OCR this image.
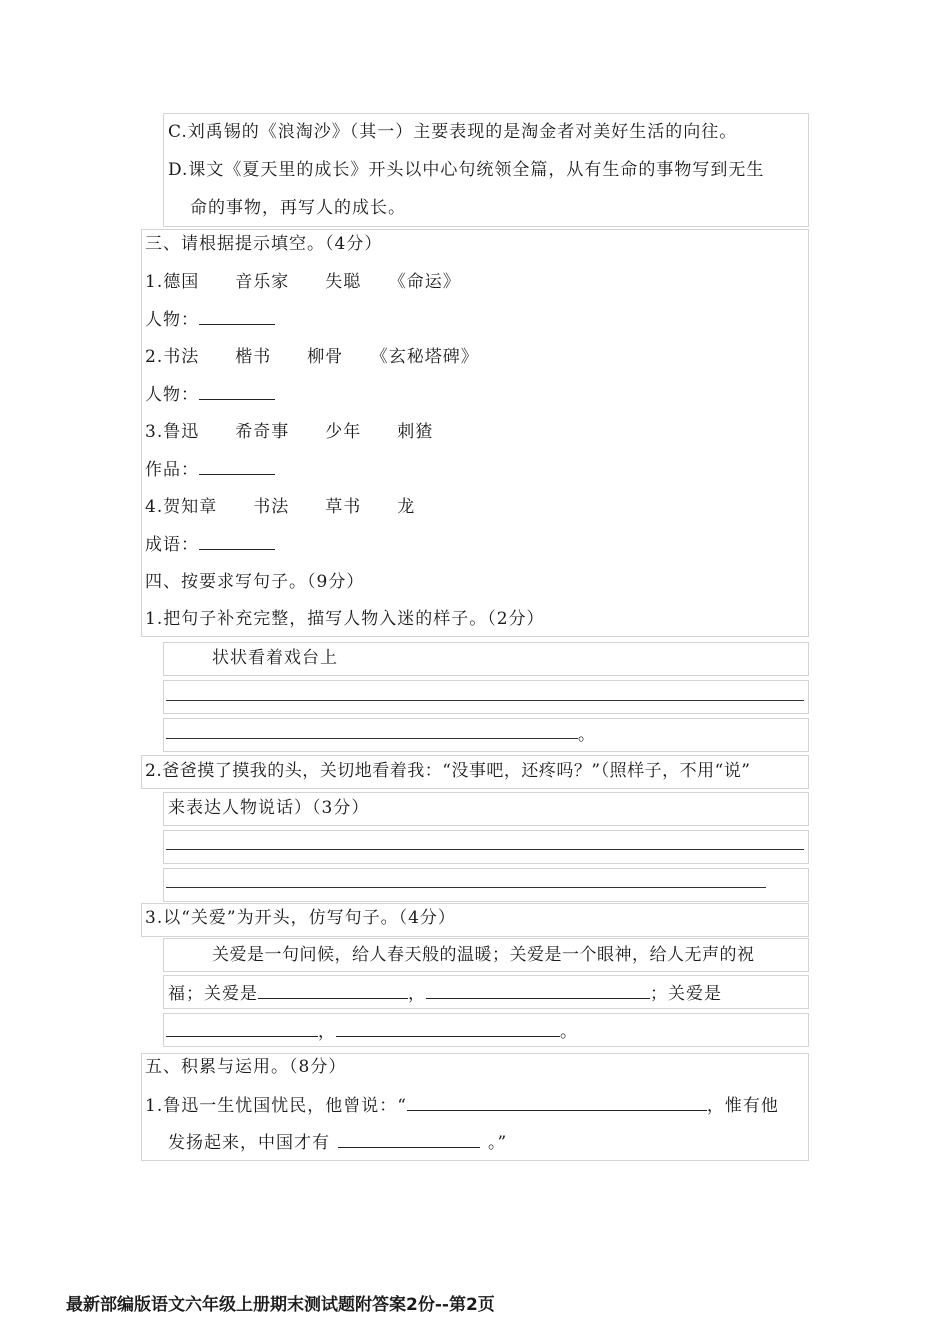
C.刘禹锡的《浪淘沙》（其一）主要表现的是淘金者对美好生活的向往。
D.课文《夏天里的成长》开头以中心句统领全篇，从有生命的事物写到无生
命的事物，再写人的成长。
三、请根据提示填空。（4分）
1.德国　　音乐家　　失聪　　《命运》
人物：
2.书法　　楷书　　柳骨　　《玄秘塔碑》
人物：
3.鲁迅　　希奇事　　少年　　刺猹
作品：
4.贺知章　　书法　　草书　　龙
成语：
四、按要求写句子。（9分）
1.把句子补充完整，描写人物入迷的样子。（2分）
状状看着戏台上
。
2.爸爸摸了摸我的头，关切地看着我：“没事吧，还疼吗？”（照样子，不用“说”
来表达人物说话）（3分）
3.以“关爱”为开头，仿写句子。（4分）
关爱是一句问候，给人春天般的温暖；关爱是一个眼神，给人无声的祝
福；关爱是	，	；关爱是
，	。
五、积累与运用。（8分）
1.鲁迅一生忧国忧民，他曾说：“	，惟有他
发扬起来，中国才有	。”
最新部编版语文六年级上册期末测试题附答案2份--第2页
